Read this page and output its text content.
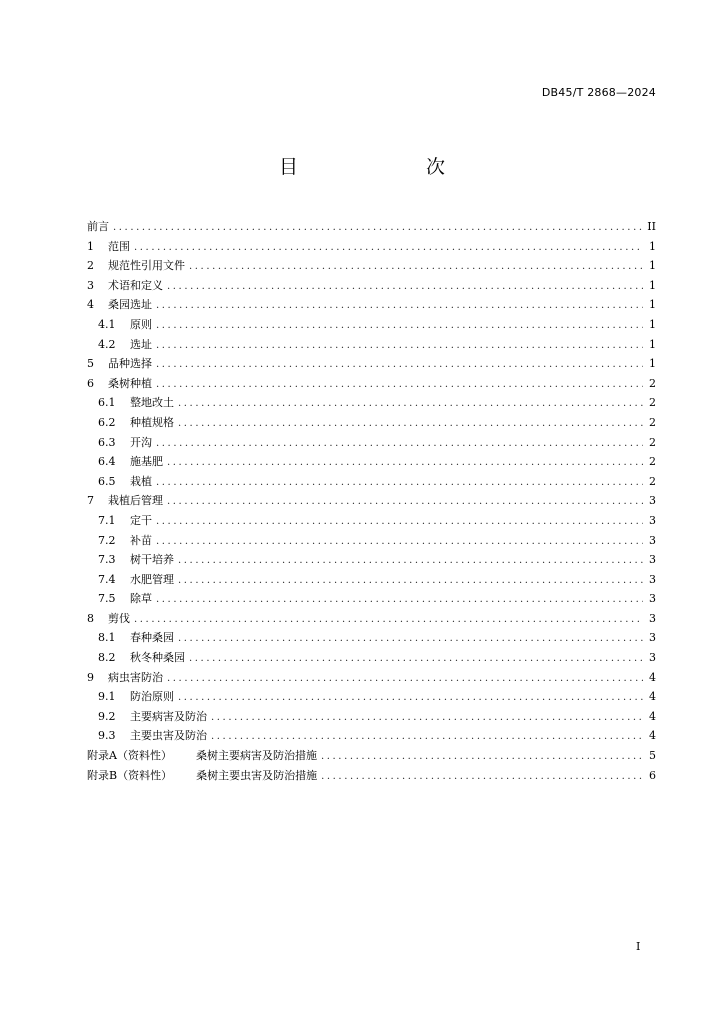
DB45/T 2868—2024
目　　次
前言 .....	II
1	范围 .....	1
2	规范性引用文件 .....	1
3	术语和定义 .....	1
4	桑园选址 .....	1
4.1	原则 .....	1
4.2	选址 .....	1
5	品种选择 .....	1
6	桑树种植 .....	2
6.1	整地改土 .....	2
6.2	种植规格 .....	2
6.3	开沟 .....	2
6.4	施基肥 .....	2
6.5	栽植 .....	2
7	栽植后管理 .....	3
7.1	定干 .....	3
7.2	补苗 .....	3
7.3	树干培养 .....	3
7.4	水肥管理 .....	3
7.5	除草 .....	3
8	剪伐 .....	3
8.1	春种桑园 .....	3
8.2	秋冬种桑园 .....	3
9	病虫害防治 .....	4
9.1	防治原则 .....	4
9.2	主要病害及防治 .....	4
9.3	主要虫害及防治 .....	4
附录A（资料性） 桑树主要病害及防治措施 .....	5
附录B（资料性） 桑树主要虫害及防治措施 .....	6
I
